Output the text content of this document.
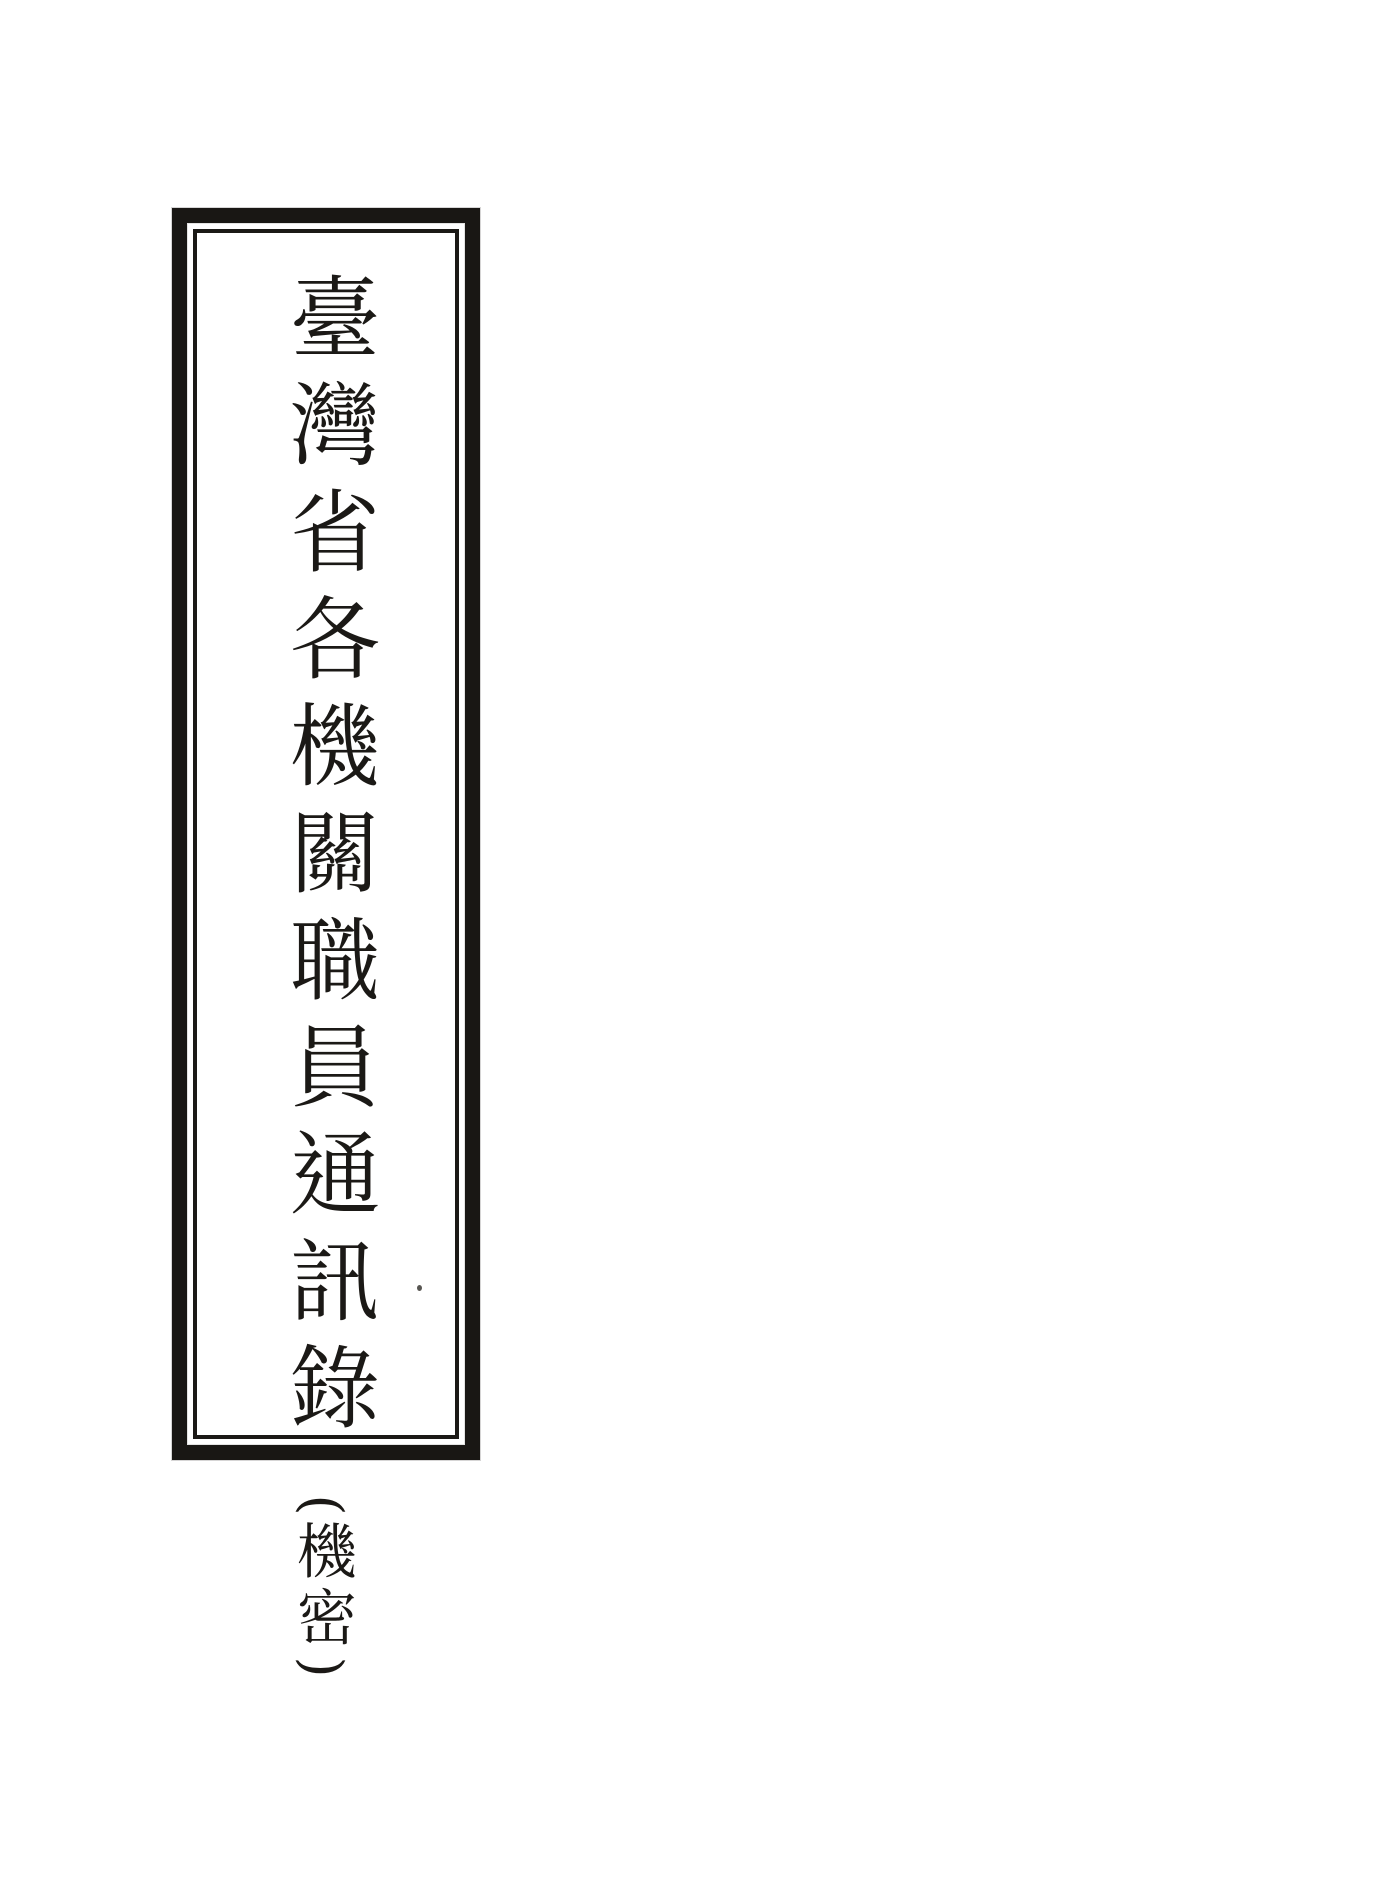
臺灣省各機關職員通訊錄
(
機密
)
